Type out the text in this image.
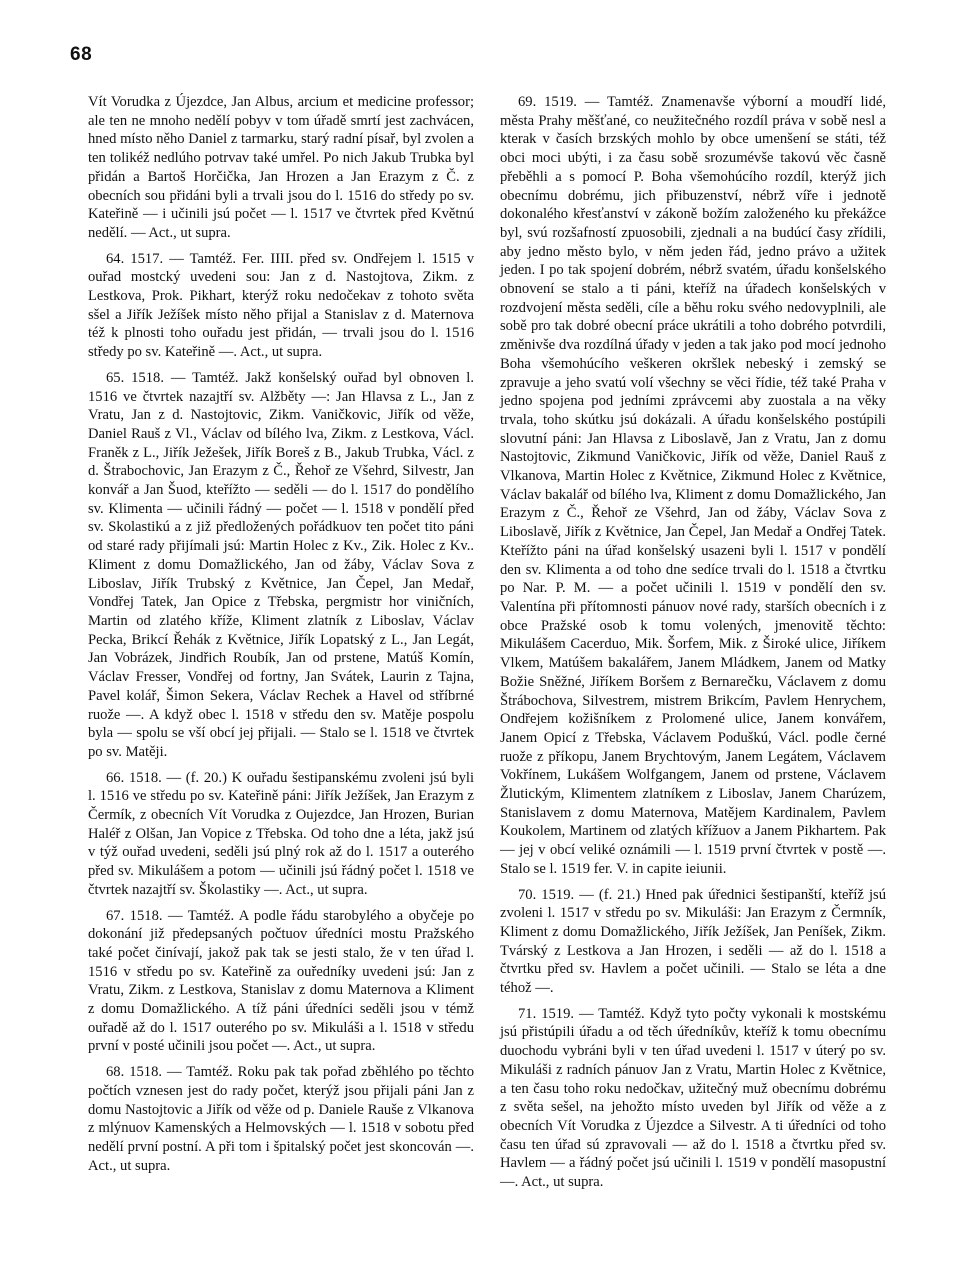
68

Vít Vorudka z Újezdce, Jan Albus, arcium et medicine professor; ale ten ne mnoho nedělí pobyv v tom úřadě smrtí jest zachvácen, hned místo něho Daniel z tarmarku, starý radní písař, byl zvolen a ten tolikéž nedlúho potrvav také umřel. Po nich Jakub Trubka byl přidán a Bartoš Horčička, Jan Hrozen a Jan Erazym z Č. z obecních sou přidáni byli a trvali jsou do l. 1516 do středy po sv. Kateřině — i učinili jsú počet — l. 1517 ve čtvrtek před Květnú nedělí. — Act., ut supra.

64. 1517. — Tamtéž. Fer. IIII. před sv. Ondřejem l. 1515 v ouřad mostcký uvedeni sou: Jan z d. Nastojtova, Zikm. z Lestkova, Prok. Pikhart, kterýž roku nedočekav z tohoto světa sšel a Jiřík Ježíšek místo něho přijal a Stanislav z d. Maternova též k plnosti toho ouřadu jest přidán, — trvali jsou do l. 1516 středy po sv. Kateřině —. Act., ut supra.

65. 1518. — Tamtéž. Jakž konšelský ouřad byl obnoven l. 1516 ve čtvrtek nazajtří sv. Alžběty —: Jan Hlavsa z L., Jan z Vratu, Jan z d. Nastojtovic, Zikm. Vaničkovic, Jiřík od věže, Daniel Rauš z Vl., Václav od bílého lva, Zikm. z Lestkova, Václ. Franěk z L., Jiřík Ježešek, Jiřík Boreš z B., Jakub Trubka, Václ. z d. Štrabochovic, Jan Erazym z Č., Řehoř ze Všehrd, Silvestr, Jan konvář a Jan Šuod, kteřížto — seděli — do l. 1517 do pondělího sv. Klimenta — učinili řádný — počet — l. 1518 v pondělí před sv. Skolastikú a z již předložených pořádkuov ten počet tito páni od staré rady přijímali jsú: Martin Holec z Kv., Zik. Holec z Kv.. Kliment z domu Domažlického, Jan od žáby, Václav Sova z Liboslav, Jiřík Trubský z Květnice, Jan Čepel, Jan Medař, Vondřej Tatek, Jan Opice z Třebska, pergmistr hor viničních, Martin od zlatého kříže, Kliment zlatník z Liboslav, Václav Pecka, Brikcí Řehák z Květnice, Jiřík Lopatský z L., Jan Legát, Jan Vobrázek, Jindřich Roubík, Jan od prstene, Matúš Komín, Václav Fresser, Vondřej od fortny, Jan Svátek, Laurin z Tajna, Pavel kolář, Šimon Sekera, Václav Rechek a Havel od stříbrné ruože —. A když obec l. 1518 v středu den sv. Matěje pospolu byla — spolu se vší obcí jej přijali. — Stalo se l. 1518 ve čtvrtek po sv. Matěji.

66. 1518. — (f. 20.) K ouřadu šestipanskému zvoleni jsú byli l. 1516 ve středu po sv. Kateřině páni: Jiřík Ježíšek, Jan Erazym z Čermík, z obecních Vít Vorudka z Oujezdce, Jan Hrozen, Burian Haléř z Olšan, Jan Vopice z Třebska. Od toho dne a léta, jakž jsú v týž ouřad uvedeni, seděli jsú plný rok až do l. 1517 a outerého před sv. Mikulášem a potom — učinili jsú řádný počet l. 1518 ve čtvrtek nazajtří sv. Školastiky —. Act., ut supra.

67. 1518. — Tamtéž. A podle řádu starobylého a obyčeje po dokonání již předepsaných počtuov úředníci mostu Pražského také počet činívají, jakož pak tak se jesti stalo, že v ten úřad l. 1516 v středu po sv. Kateřině za ouředníky uvedeni jsú: Jan z Vratu, Zikm. z Lestkova, Stanislav z domu Maternova a Kliment z domu Domažlického. A tíž páni úředníci seděli jsou v témž ouřadě až do l. 1517 outerého po sv. Mikuláši a l. 1518 v středu první v posté učinili jsou počet —. Act., ut supra.

68. 1518. — Tamtéž. Roku pak tak pořad zběhlého po těchto počtích vznesen jest do rady počet, kterýž jsou přijali páni Jan z domu Nastojtovic a Jiřík od věže od p. Daniele Rauše z Vlkanova z mlýnuov Kamenských a Helmovských — l. 1518 v sobotu před nedělí první postní. A při tom i špitalský počet jest skoncován —. Act., ut supra.

69. 1519. — Tamtéž. Znamenavše výborní a moudří lidé, města Prahy měšťané, co neužitečného rozdíl práva v sobě nesl a kterak v časích brzských mohlo by obce umenšení se státi, též obci moci ubýti, i za času sobě srozumévše takovú věc časně přeběhli a s pomocí P. Boha všemohúcího rozdíl, kterýž jich obecnímu dobrému, jich přibuzenství, nébrž víře i jednotě dokonalého křesťanství v zákoně božím založeného ku překážce byl, svú rozšafností zpuosobili, zjednali a na budúcí časy zřídili, aby jedno město bylo, v něm jeden řád, jedno právo a užitek jeden. I po tak spojení dobrém, nébrž svatém, úřadu konšelského obnovení se stalo a ti páni, kteříž na úřadech konšelských v rozdvojení města seděli, cíle a běhu roku svého nedovyplnili, ale sobě pro tak dobré obecní práce ukrátili a toho dobrého potvrdili, změnivše dva rozdílná úřady v jeden a tak jako pod mocí jednoho Boha všemohúcího veškeren okršlek nebeský i zemský se zpravuje a jeho svatú volí všechny se věci řídie, též také Praha v jedno spojena pod jedními zprávcemi aby zuostala a na věky trvala, toho skútku jsú dokázali. A úřadu konšelského postúpili slovutní páni: Jan Hlavsa z Liboslavě, Jan z Vratu, Jan z domu Nastojtovic, Zikmund Vaničkovic, Jiřík od věže, Daniel Rauš z Vlkanova, Martin Holec z Květnice, Zikmund Holec z Květnice, Václav bakalář od bílého lva, Kliment z domu Domažlického, Jan Erazym z Č., Řehoř ze Všehrd, Jan od žáby, Václav Sova z Liboslavě, Jiřík z Květnice, Jan Čepel, Jan Medař a Ondřej Tatek. Kteřížto páni na úřad konšelský usazeni byli l. 1517 v pondělí den sv. Klimenta a od toho dne sedíce trvali do l. 1518 a čtvrtku po Nar. P. M. — a počet učinili l. 1519 v pondělí den sv. Valentína při přítomnosti pánuov nové rady, starších obecních i z obce Pražské osob k tomu volených, jmenovitě těchto: Mikulášem Cacerduo, Mik. Šorfem, Mik. z Široké ulice, Jiříkem Vlkem, Matúšem bakalářem, Janem Mládkem, Janem od Matky Božie Sněžné, Jiříkem Boršem z Bernarečku, Václavem z domu Štrábochova, Silvestrem, mistrem Brikcím, Pavlem Henrychem, Ondřejem kožišníkem z Prolomené ulice, Janem konvářem, Janem Opicí z Třebska, Václavem Poduškú, Václ. podle černé ruože z příkopu, Janem Brychtovým, Janem Legátem, Václavem Vokřínem, Lukášem Wolfgangem, Janem od prstene, Václavem Žlutickým, Klimentem zlatníkem z Liboslav, Janem Charúzem, Stanislavem z domu Maternova, Matějem Kardinalem, Pavlem Koukolem, Martinem od zlatých křížuov a Janem Pikhartem. Pak — jej v obcí veliké oznámili — l. 1519 první čtvrtek v postě —. Stalo se l. 1519 fer. V. in capite ieiunii.

70. 1519. — (f. 21.) Hned pak úřednici šestipanští, kteříž jsú zvoleni l. 1517 v středu po sv. Mikuláši: Jan Erazym z Čermník, Kliment z domu Domažlického, Jiřík Ježíšek, Jan Peníšek, Zikm. Tvárský z Lestkova a Jan Hrozen, i seděli — až do l. 1518 a čtvrtku před sv. Havlem a počet učinili. — Stalo se léta a dne téhož —.

71. 1519. — Tamtéž. Když tyto počty vykonali k mostskému jsú přistúpili úřadu a od těch úředníkův, kteříž k tomu obecnímu duochodu vybráni byli v ten úřad uvedeni l. 1517 v úterý po sv. Mikuláši z radních pánuov Jan z Vratu, Martin Holec z Květnice, a ten času toho roku nedočkav, užitečný muž obecnímu dobrému z světa sešel, na jehožto místo uveden byl Jiřík od věže a z obecních Vít Vorudka z Újezdce a Silvestr. A ti úředníci od toho času ten úřad sú zpravovali — až do l. 1518 a čtvrtku před sv. Havlem — a řádný počet jsú učinili l. 1519 v pondělí masopustní —. Act., ut supra.
